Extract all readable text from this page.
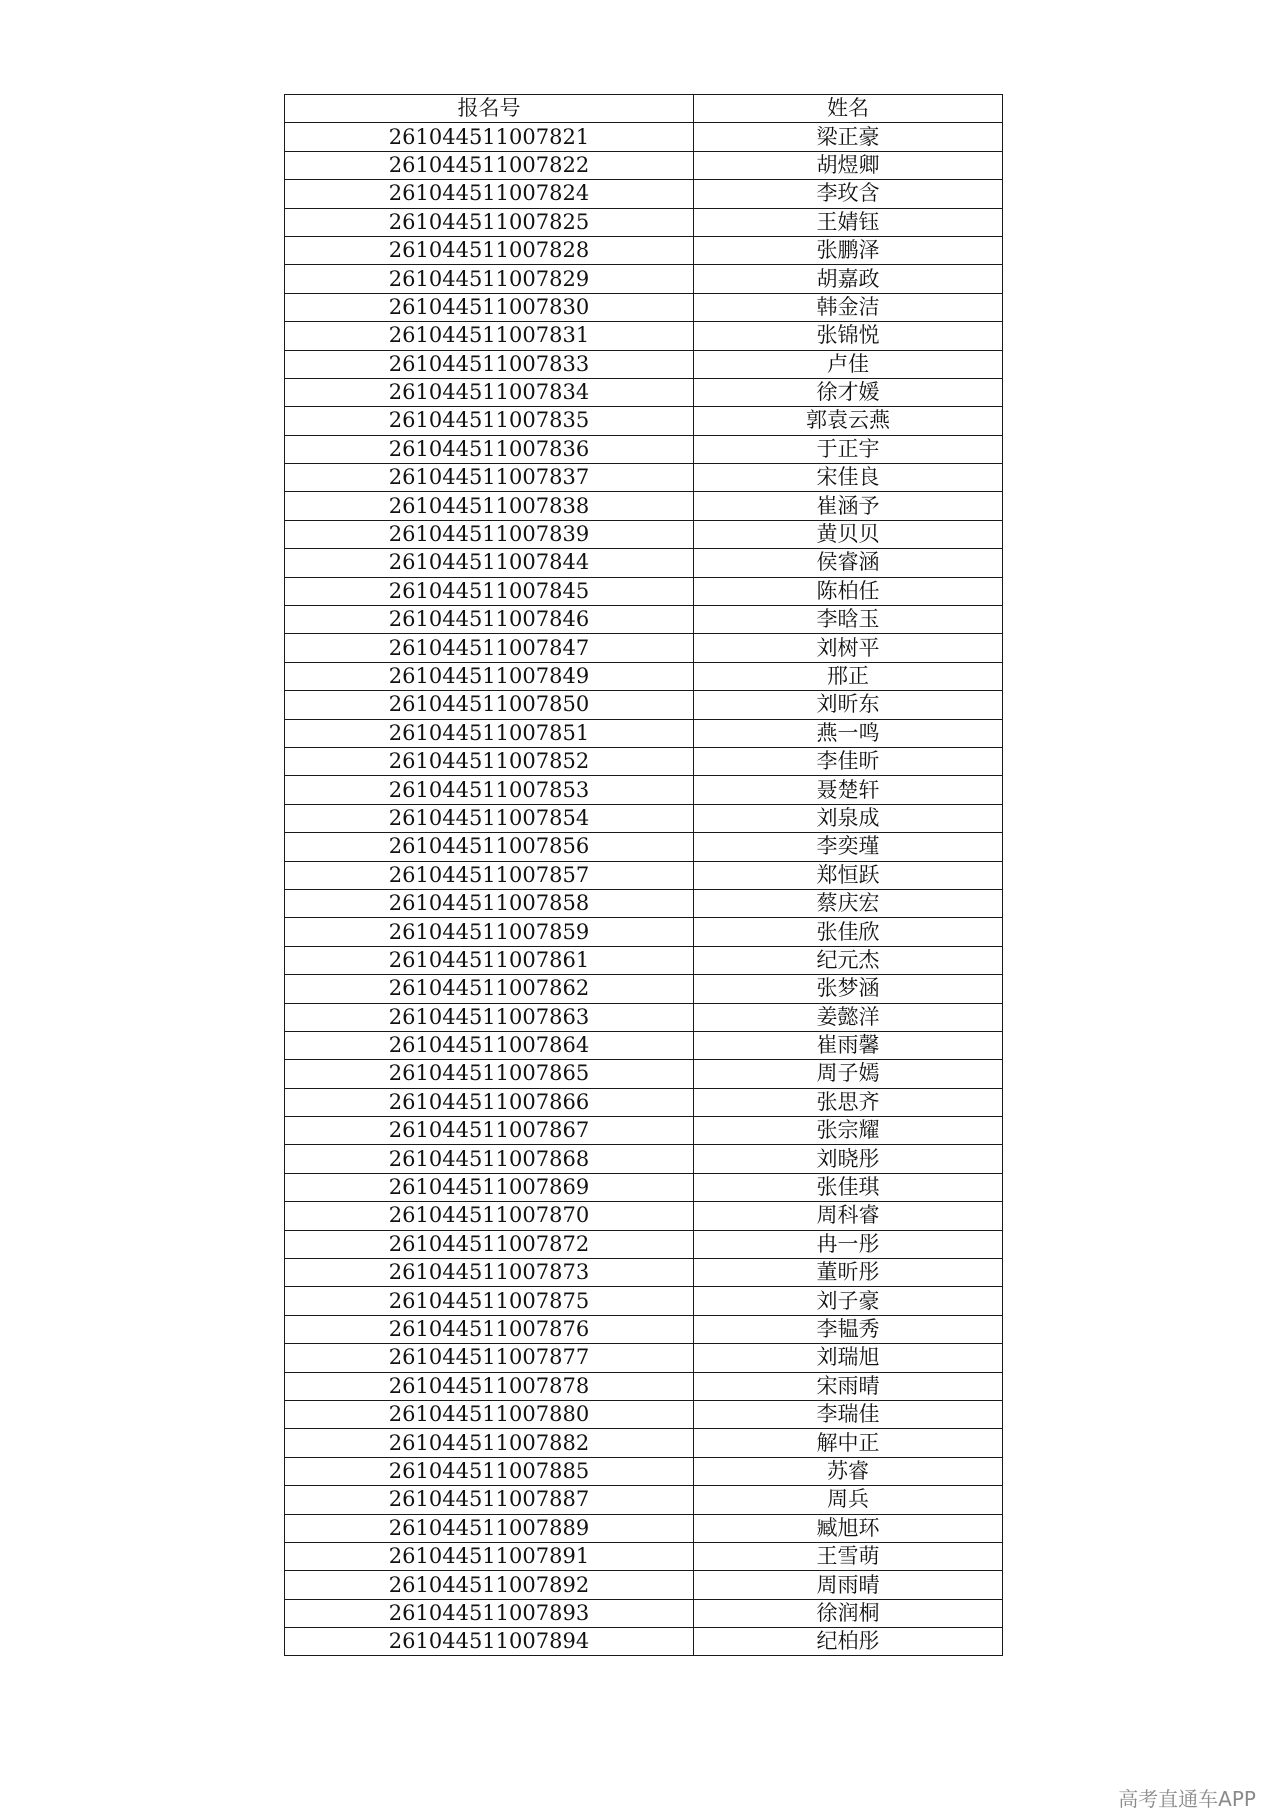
报名号	姓名
261044511007821	梁正豪
261044511007822	胡煜卿
261044511007824	李玫含
261044511007825	王婧钰
261044511007828	张鹏泽
261044511007829	胡嘉政
261044511007830	韩金洁
261044511007831	张锦悦
261044511007833	卢佳
261044511007834	徐才媛
261044511007835	郭袁云燕
261044511007836	于正宇
261044511007837	宋佳良
261044511007838	崔涵予
261044511007839	黄贝贝
261044511007844	侯睿涵
261044511007845	陈柏任
261044511007846	李晗玉
261044511007847	刘树平
261044511007849	邢正
261044511007850	刘昕东
261044511007851	燕一鸣
261044511007852	李佳昕
261044511007853	聂楚轩
261044511007854	刘泉成
261044511007856	李奕瑾
261044511007857	郑恒跃
261044511007858	蔡庆宏
261044511007859	张佳欣
261044511007861	纪元杰
261044511007862	张梦涵
261044511007863	姜懿洋
261044511007864	崔雨馨
261044511007865	周子嫣
261044511007866	张思齐
261044511007867	张宗耀
261044511007868	刘晓彤
261044511007869	张佳琪
261044511007870	周科睿
261044511007872	冉一彤
261044511007873	董昕彤
261044511007875	刘子豪
261044511007876	李韫秀
261044511007877	刘瑞旭
261044511007878	宋雨晴
261044511007880	李瑞佳
261044511007882	解中正
261044511007885	苏睿
261044511007887	周兵
261044511007889	臧旭环
261044511007891	王雪萌
261044511007892	周雨晴
261044511007893	徐润桐
261044511007894	纪柏彤
高考直通车APP
